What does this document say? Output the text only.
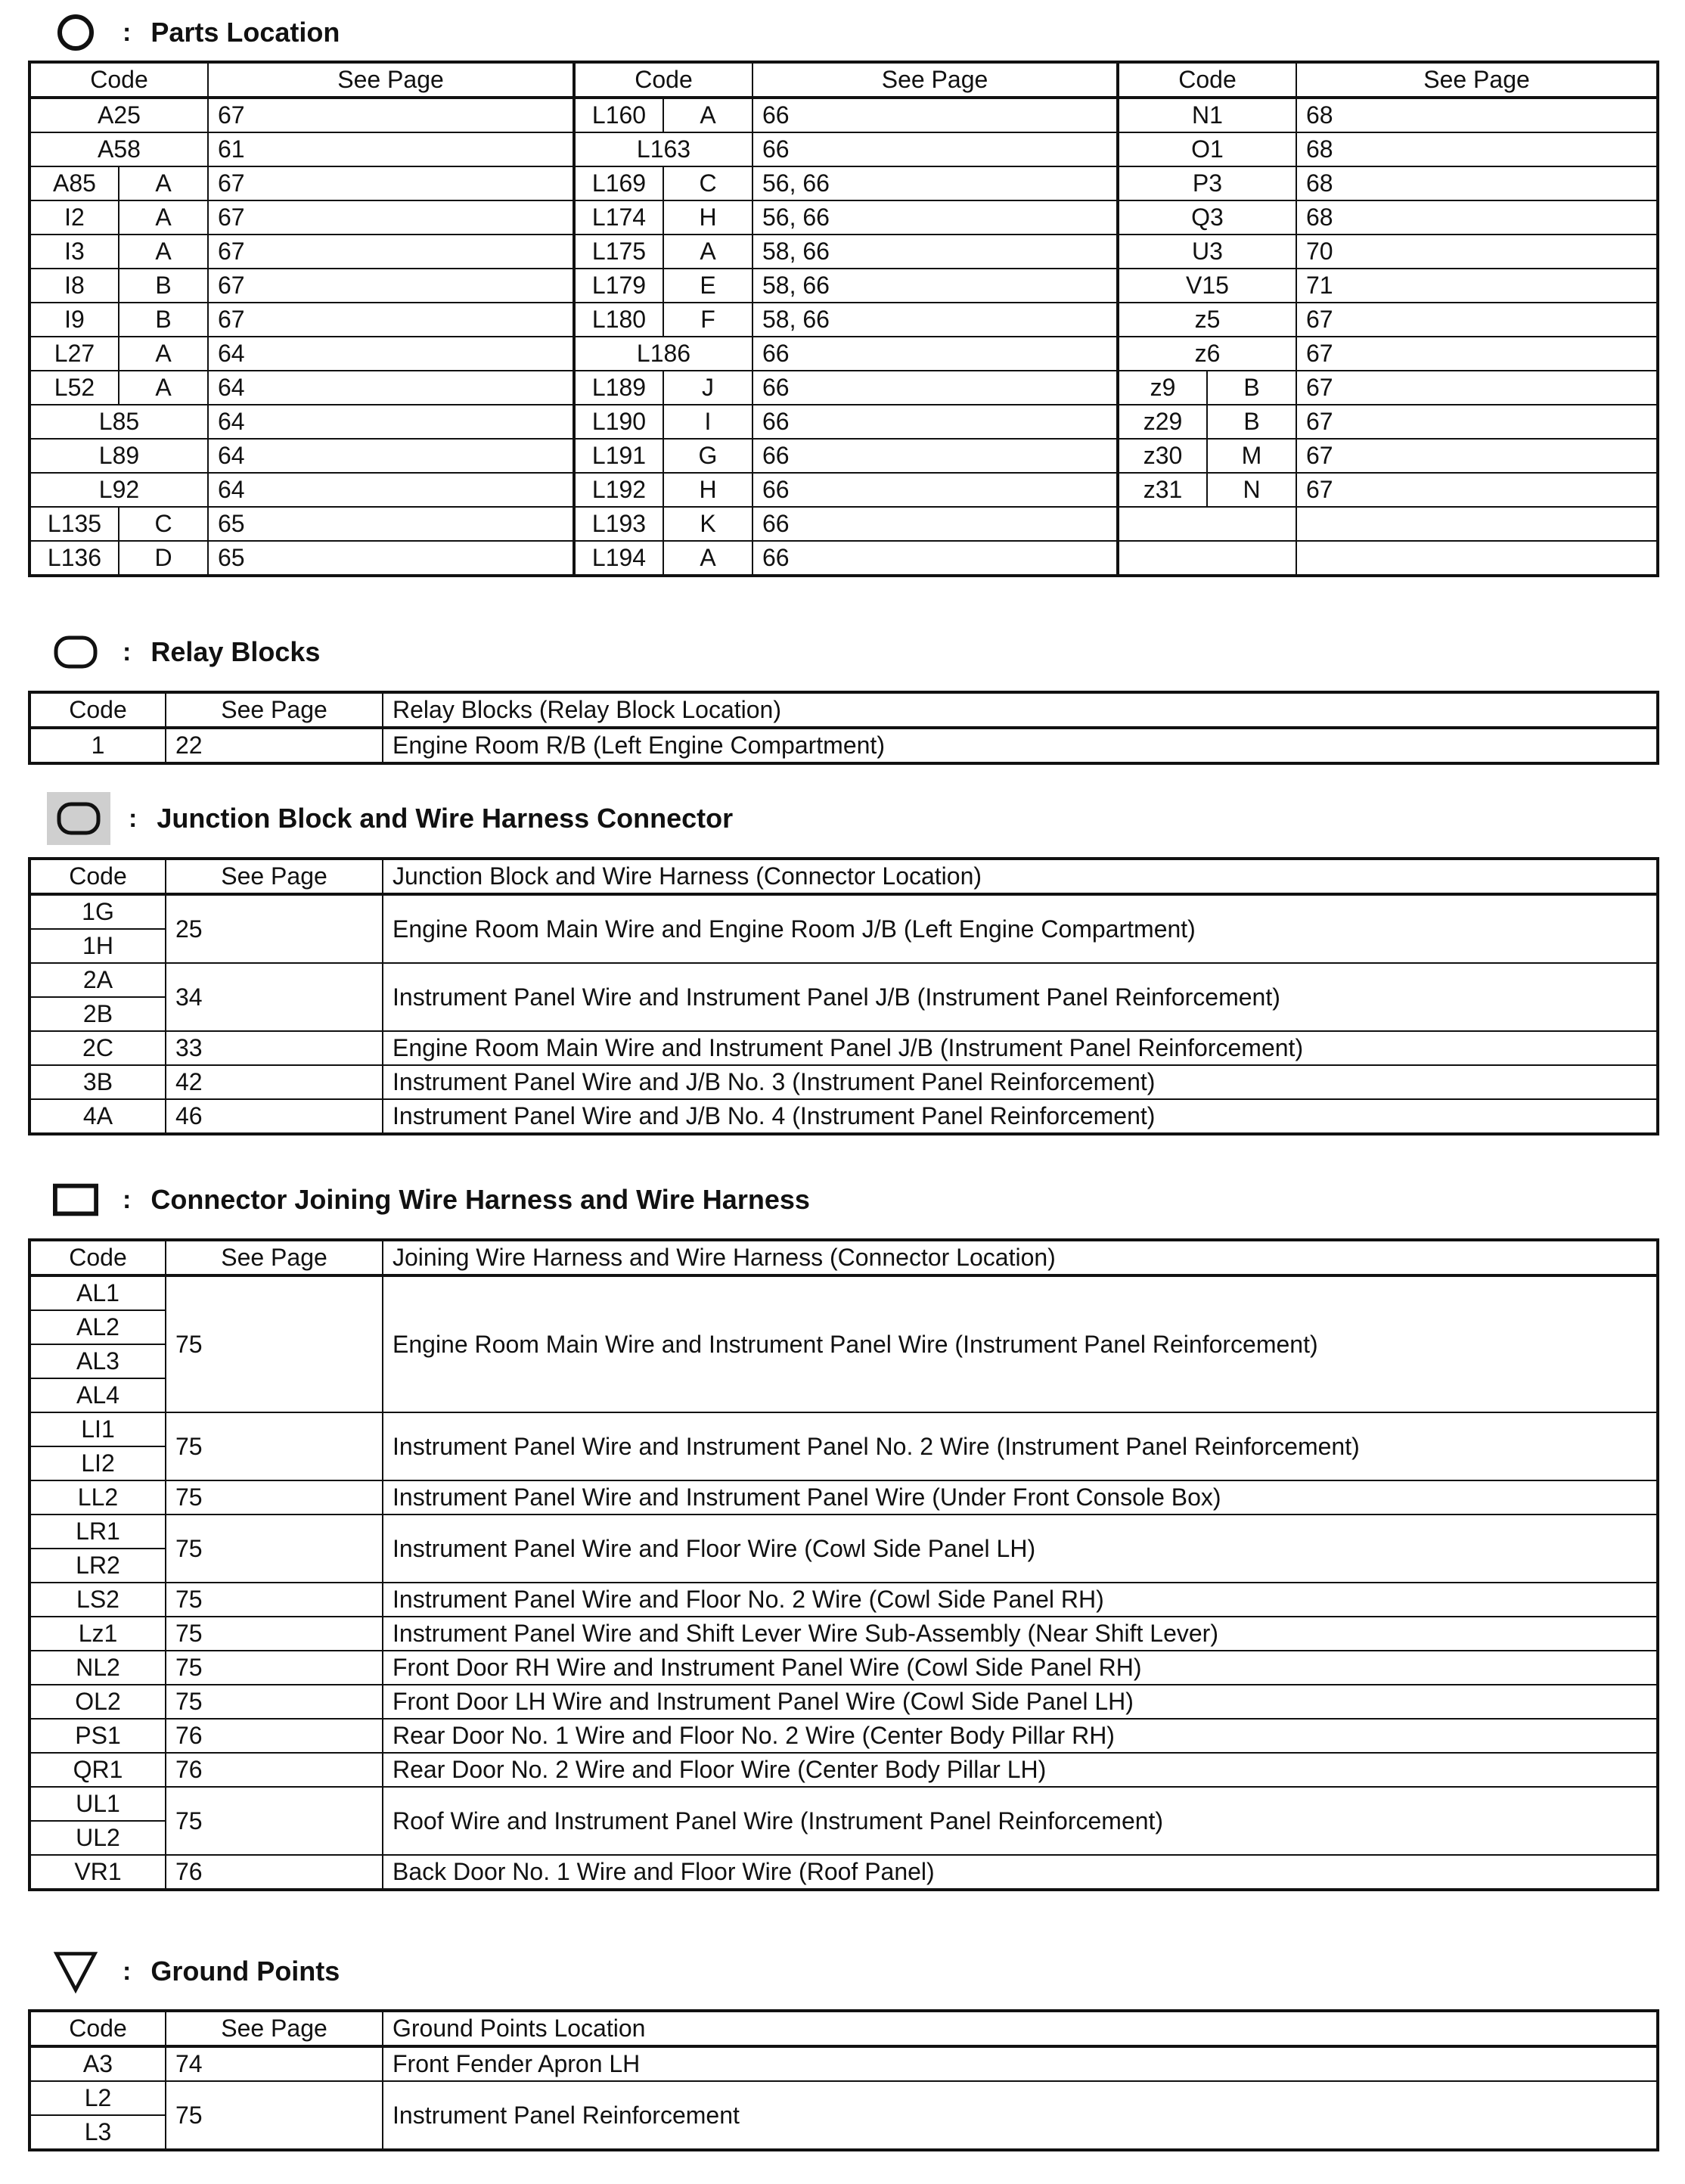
: Parts Location
Code		See Page	Code		See Page	Code		See Page
A25		67	L160	A	66	N1		68
A58		61	L163		66	O1		68
A85	A	67	L169	C	56, 66	P3		68
I2	A	67	L174	H	56, 66	Q3		68
I3	A	67	L175	A	58, 66	U3		70
I8	B	67	L179	E	58, 66	V15		71
I9	B	67	L180	F	58, 66	z5		67
L27	A	64	L186		66	z6		67
L52	A	64	L189	J	66	z9	B	67
L85		64	L190	I	66	z29	B	67
L89		64	L191	G	66	z30	M	67
L92		64	L192	H	66	z31	N	67
L135	C	65	L193	K	66			
L136	D	65	L194	A	66			
: Relay Blocks
Code	See Page	Relay Blocks (Relay Block Location)
1	22	Engine Room R/B (Left Engine Compartment)
: Junction Block and Wire Harness Connector
Code	See Page	Junction Block and Wire Harness (Connector Location)
1G	25	Engine Room Main Wire and Engine Room J/B (Left Engine Compartment)
1H		
2A	34	Instrument Panel Wire and Instrument Panel J/B (Instrument Panel Reinforcement)
2B		
2C	33	Engine Room Main Wire and Instrument Panel J/B (Instrument Panel Reinforcement)
3B	42	Instrument Panel Wire and J/B No. 3 (Instrument Panel Reinforcement)
4A	46	Instrument Panel Wire and J/B No. 4 (Instrument Panel Reinforcement)
: Connector Joining Wire Harness and Wire Harness
Code	See Page	Joining Wire Harness and Wire Harness (Connector Location)
AL1	75	Engine Room Main Wire and Instrument Panel Wire (Instrument Panel Reinforcement)
AL2		
AL3		
AL4		
LI1	75	Instrument Panel Wire and Instrument Panel No. 2 Wire (Instrument Panel Reinforcement)
LI2		
LL2	75	Instrument Panel Wire and Instrument Panel Wire (Under Front Console Box)
LR1	75	Instrument Panel Wire and Floor Wire (Cowl Side Panel LH)
LR2		
LS2	75	Instrument Panel Wire and Floor No. 2 Wire (Cowl Side Panel RH)
Lz1	75	Instrument Panel Wire and Shift Lever Wire Sub-Assembly (Near Shift Lever)
NL2	75	Front Door RH Wire and Instrument Panel Wire (Cowl Side Panel RH)
OL2	75	Front Door LH Wire and Instrument Panel Wire (Cowl Side Panel LH)
PS1	76	Rear Door No. 1 Wire and Floor No. 2 Wire (Center Body Pillar RH)
QR1	76	Rear Door No. 2 Wire and Floor Wire (Center Body Pillar LH)
UL1	75	Roof Wire and Instrument Panel Wire (Instrument Panel Reinforcement)
UL2		
VR1	76	Back Door No. 1 Wire and Floor Wire (Roof Panel)
: Ground Points
Code	See Page	Ground Points Location
A3	74	Front Fender Apron LH
L2	75	Instrument Panel Reinforcement
L3		
